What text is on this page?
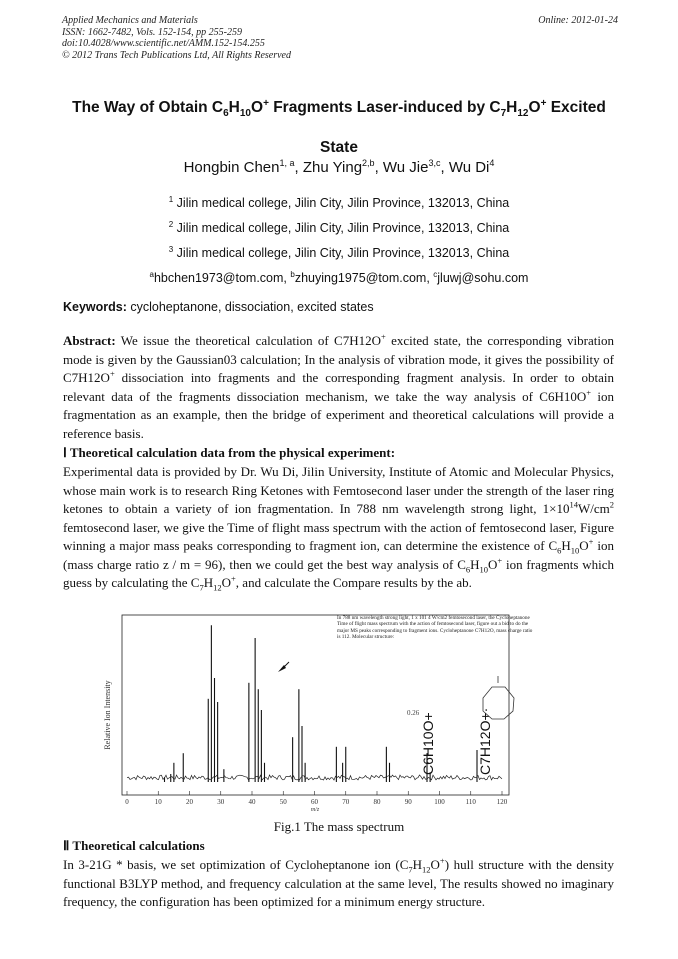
Applied Mechanics and Materials
ISSN: 1662-7482, Vols. 152-154, pp 255-259
doi:10.4028/www.scientific.net/AMM.152-154.255
© 2012 Trans Tech Publications Ltd, All Rights Reserved
Online: 2012-01-24
The Way of Obtain $C_6H_{10}O^+$ Fragments Laser-induced by $C_7H_{12}O^+$ Excited
State
Hongbin Chen$^{1, a}$, Zhu Ying$^{2,b}$, Wu Jie$^{3,c}$, Wu Di$^4$
$^1$ Jilin medical college, Jilin City, Jilin Province, 132013, China
$^2$ Jilin medical college, Jilin City, Jilin Province, 132013, China
$^3$ Jilin medical college, Jilin City, Jilin Province, 132013, China
$^a$hbchen1973@tom.com, $^b$zhuying1975@tom.com, $^c$jluwj@sohu.com
Keywords: cycloheptanone, dissociation, excited states
Abstract: We issue the theoretical calculation of C7H12O+ excited state, the corresponding vibration mode is given by the Gaussian03 calculation; In the analysis of vibration mode, it gives the possibility of C7H12O+ dissociation into fragments and the corresponding fragment analysis. In order to obtain relevant data of the fragments dissociation mechanism, we take the way analysis of C6H10O+ ion fragmentation as an example, then the bridge of experiment and theoretical calculations will provide a reference basis.
Ⅰ Theoretical calculation data from the physical experiment:
Experimental data is provided by Dr. Wu Di, Jilin University, Institute of Atomic and Molecular Physics, whose main work is to research Ring Ketones with Femtosecond laser under the strength of the laser ring ketones to obtain a variety of ion fragmentation. In 788 nm wavelength strong light, $1\times 10^{14}W/cm^2$ femtosecond laser, we give the Time of flight mass spectrum with the action of femtosecond laser, Figure winning a major mass peaks corresponding to fragment ion, can determine the existence of $C_6H_{10}O^+$ ion (mass charge ratio z / m = 96), then we could get the best way analysis of $C_6H_{10}O^+$ ion fragments which guess by calculating the $C_7H_{12}O^+$, and calculate the Compare results by the ab.
0	10	20	30	40	50	60	70	80	90	100	110	120
Relative Ion Intensity
m/z
0.26 C6H10O+	C7H12O+·
In 788 nm wavelength strong light, 1 x 101 4 W/cm2 femtosecond laser, the Cycloheptanone Time of flight mass spectrum with the action of femtosecond laser, figure out a bid to do the major MS peaks corresponding to fragment ions. Cycloheptanone C7H12O, mass charge ratio is 112. Molecular structure:
Fig.1 The mass spectrum
Ⅱ Theoretical calculations
In 3-21G * basis, we set optimization of Cycloheptanone ion $(C_7H_{12}O^+)$ hull structure with the density functional B3LYP method, and frequency calculation at the same level, The results showed no imaginary frequency, the configuration has been optimized for a minimum energy structure.
